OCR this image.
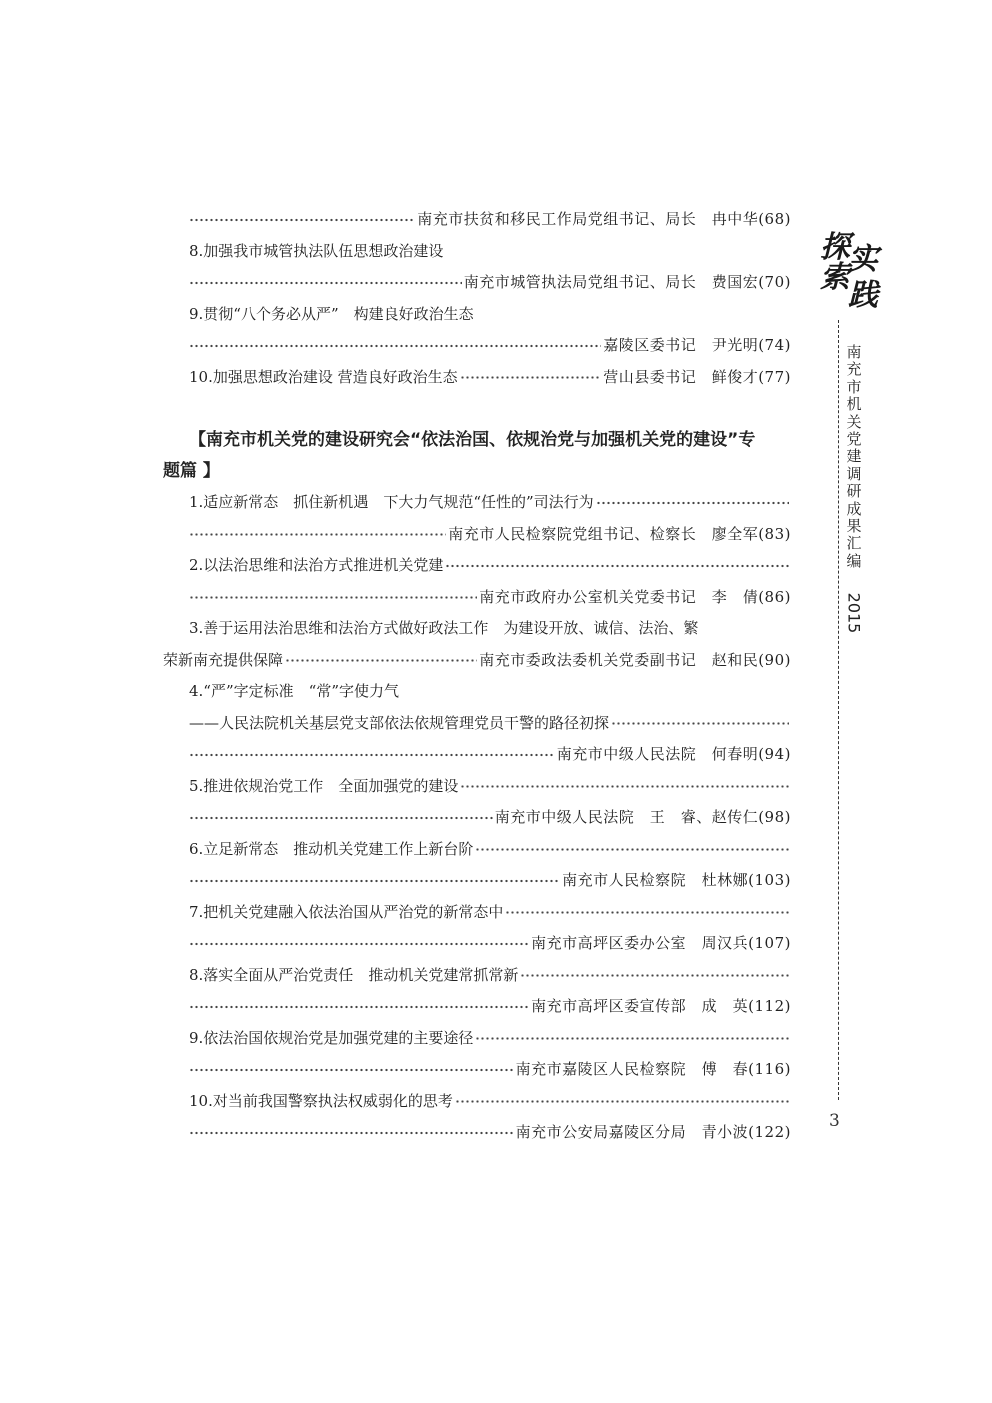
南充市扶贫和移民工作局党组书记、局长　冉中华(68)
8.加强我市城管执法队伍思想政治建设
南充市城管执法局党组书记、局长　费国宏(70)
9.贯彻“八个务必从严”　构建良好政治生态
嘉陵区委书记　尹光明(74)
10.加强思想政治建设 营造良好政治生态	营山县委书记　鲜俊才(77)
【南充市机关党的建设研究会“依法治国、依规治党与加强机关党的建设”专
题篇 】
1.适应新常态　抓住新机遇　下大力气规范“任性的”司法行为
南充市人民检察院党组书记、检察长　廖全军(83)
2.以法治思维和法治方式推进机关党建
南充市政府办公室机关党委书记　李　倩(86)
3.善于运用法治思维和法治方式做好政法工作　为建设开放、诚信、法治、繁
荣新南充提供保障	南充市委政法委机关党委副书记　赵和民(90)
4.“严”字定标准　“常”字使力气
——人民法院机关基层党支部依法依规管理党员干警的路径初探
南充市中级人民法院　何春明(94)
5.推进依规治党工作　全面加强党的建设
南充市中级人民法院　王　睿、赵传仁(98)
6.立足新常态　推动机关党建工作上新台阶
南充市人民检察院　杜林娜(103)
7.把机关党建融入依法治国从严治党的新常态中
南充市高坪区委办公室　周汉兵(107)
8.落实全面从严治党责任　推动机关党建常抓常新
南充市高坪区委宣传部　成　英(112)
9.依法治国依规治党是加强党建的主要途径
南充市嘉陵区人民检察院　傅　春(116)
10.对当前我国警察执法权威弱化的思考
南充市公安局嘉陵区分局　青小波(122)
探
索
实
践
南
充
市
机
关
党
建
调
研
成
果
汇
编
2015
3
